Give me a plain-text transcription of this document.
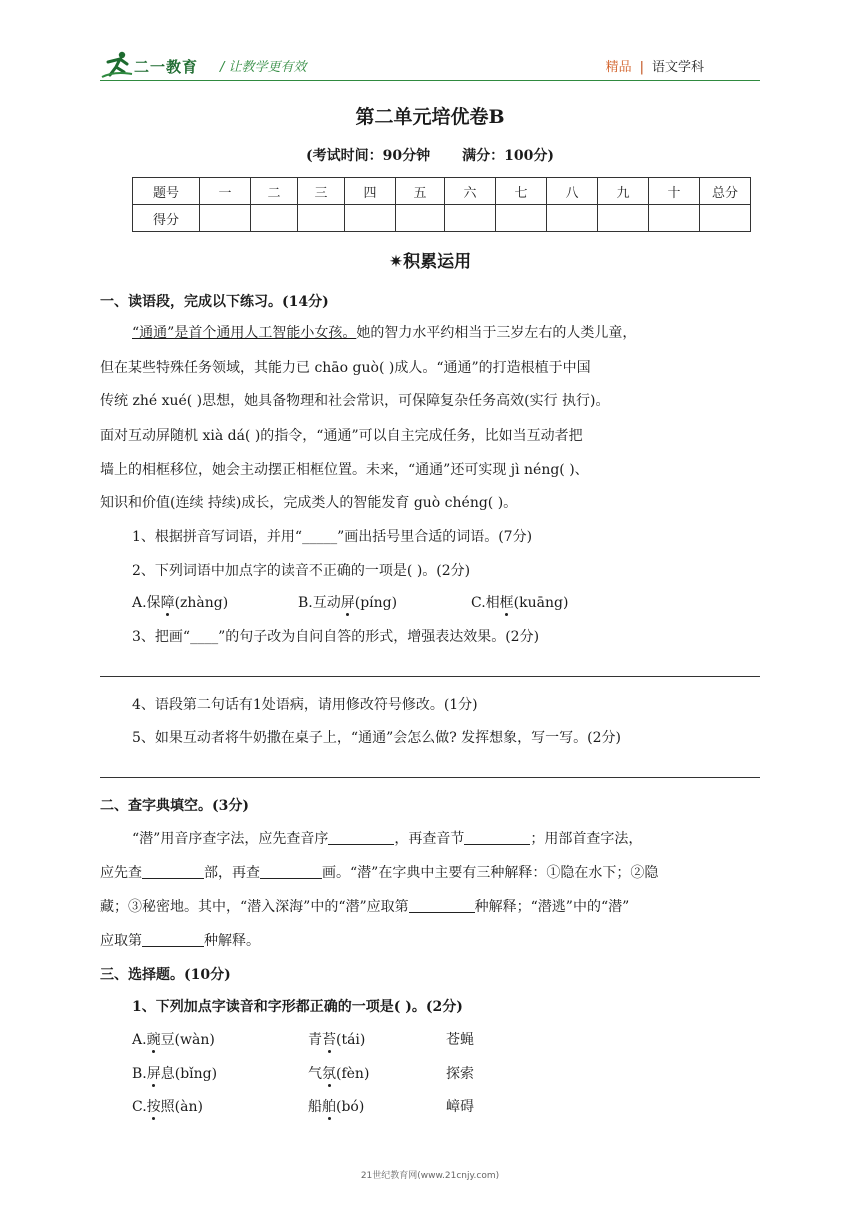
二一教育 / 让教学更有效	精品 | 语文学科
第二单元培优卷B
(考试时间：90分钟 满分：100分)
题号	一	二	三	四	五	六	七	八	九	十	总分
得分											
✷积累运用
一、读语段，完成以下练习。(14分)
“通通”是首个通用人工智能小女孩。她的智力水平约相当于三岁左右的人类儿童，
但在某些特殊任务领域，其能力已 chāo guò( )成人。“通通”的打造根植于中国
传统 zhé xué( )思想，她具备物理和社会常识，可保障复杂任务高效(实行 执行)。
面对互动屏随机 xià dá( )的指令，“通通”可以自主完成任务，比如当互动者把
墙上的相框移位，她会主动摆正相框位置。未来，“通通”还可实现 jì néng( )、
知识和价值(连续 持续)成长，完成类人的智能发育 guò chéng( )。
1、根据拼音写词语，并用“_____”画出括号里合适的词语。(7分)
2、下列词语中加点字的读音不正确的一项是( )。(2分)
A.保障(zhàng)	B.互动屏(píng)	C.相框(kuāng)
3、把画“____”的句子改为自问自答的形式，增强表达效果。(2分)
4、语段第二句话有1处语病，请用修改符号修改。(1分)
5、如果互动者将牛奶撒在桌子上，“通通”会怎么做? 发挥想象，写一写。(2分)
二、查字典填空。(3分)
“潜”用音序查字法，应先查音序	，再查音节	；用部首查字法，
应先查	部，再查	画。“潜”在字典中主要有三种解释：①隐在水下；②隐
藏；③秘密地。其中，“潜入深海”中的“潜”应取第	种解释；“潜逃”中的“潜”
应取第	种解释。
三、选择题。(10分)
1、下列加点字读音和字形都正确的一项是( )。(2分)
A.豌豆(wàn)	青苔(tái)	苍蝇
B.屏息(bǐng)	气氛(fèn)	探索
C.按照(àn)	船舶(bó)	嶂碍
21世纪教育网(www.21cnjy.com)
